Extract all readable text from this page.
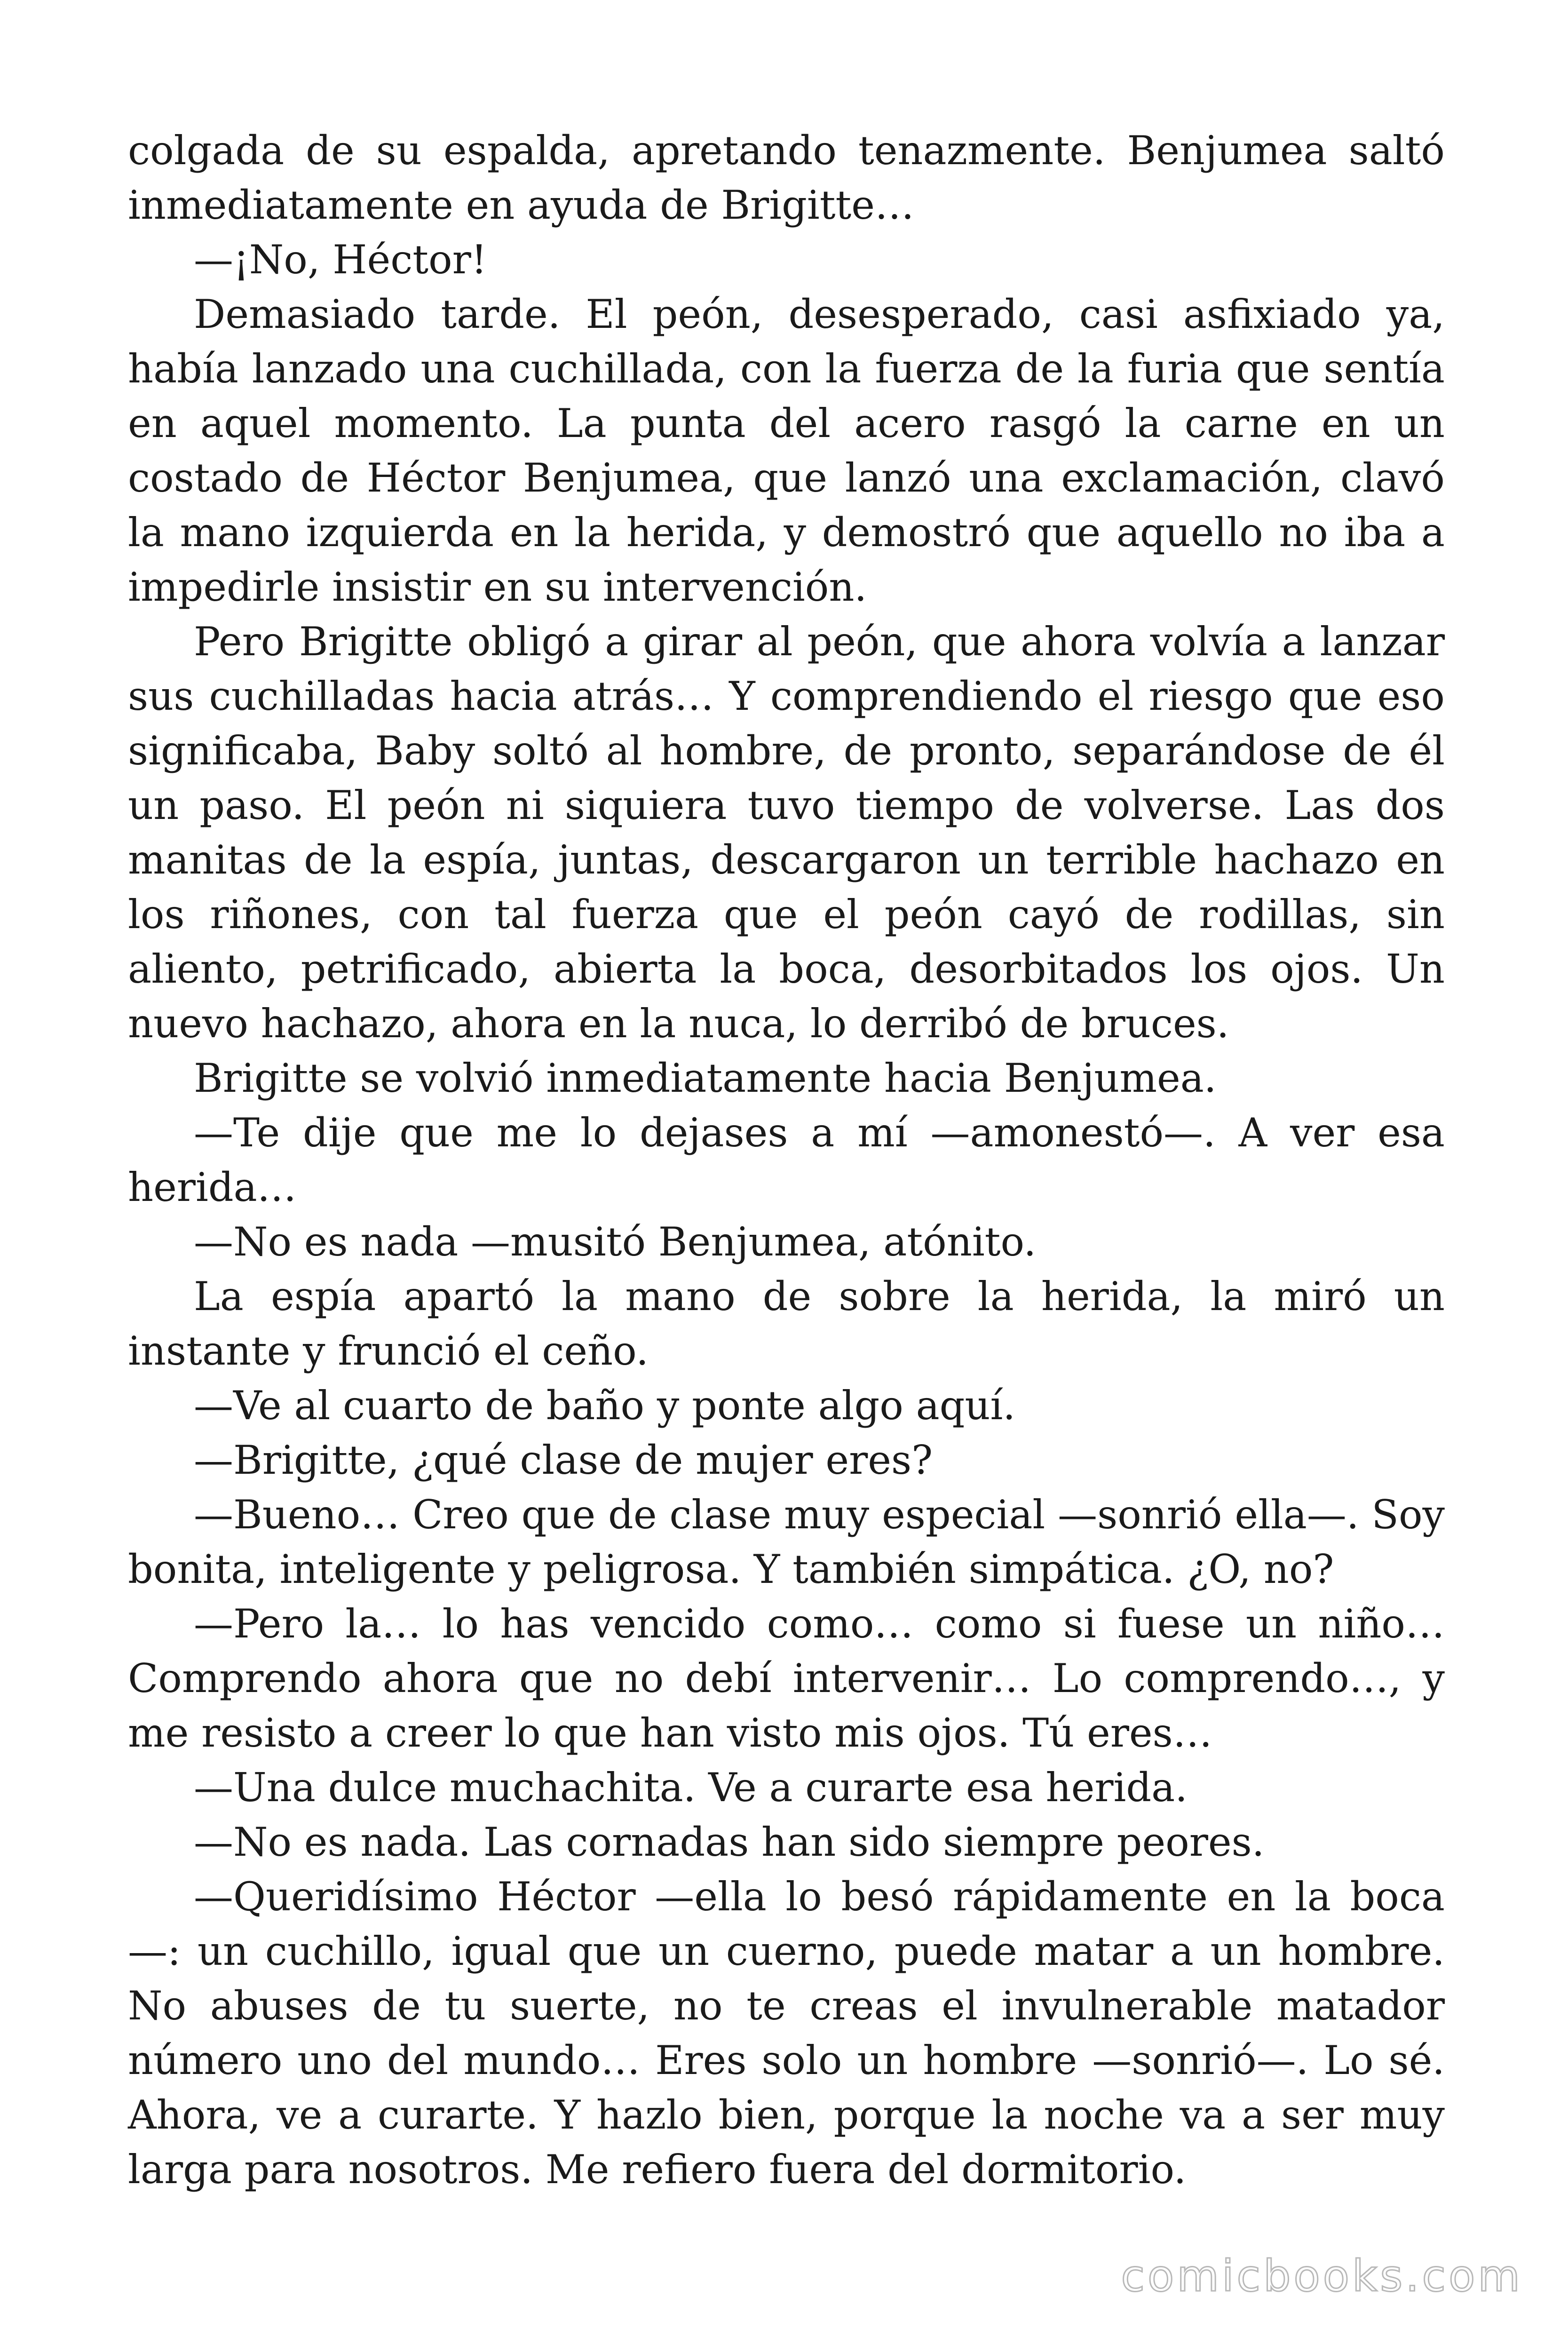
colgada de su espalda, apretando tenazmente. Benjumea saltó inmediatamente en ayuda de Brigitte…

—¡No, Héctor!

Demasiado tarde. El peón, desesperado, casi asfixiado ya, había lanzado una cuchillada, con la fuerza de la furia que sentía en aquel momento. La punta del acero rasgó la carne en un costado de Héctor Benjumea, que lanzó una exclamación, clavó la mano izquierda en la herida, y demostró que aquello no iba a impedirle insistir en su intervención.

Pero Brigitte obligó a girar al peón, que ahora volvía a lanzar sus cuchilladas hacia atrás… Y comprendiendo el riesgo que eso significaba, Baby soltó al hombre, de pronto, separándose de él un paso. El peón ni siquiera tuvo tiempo de volverse. Las dos manitas de la espía, juntas, descargaron un terrible hachazo en los riñones, con tal fuerza que el peón cayó de rodillas, sin aliento, petrificado, abierta la boca, desorbitados los ojos. Un nuevo hachazo, ahora en la nuca, lo derribó de bruces.

Brigitte se volvió inmediatamente hacia Benjumea.

—Te dije que me lo dejases a mí —amonestó—. A ver esa herida…

—No es nada —musitó Benjumea, atónito.

La espía apartó la mano de sobre la herida, la miró un instante y frunció el ceño.

—Ve al cuarto de baño y ponte algo aquí.

—Brigitte, ¿qué clase de mujer eres?

—Bueno… Creo que de clase muy especial —sonrió ella—. Soy bonita, inteligente y peligrosa. Y también simpática. ¿O, no?

—Pero la… lo has vencido como… como si fuese un niño… Comprendo ahora que no debí intervenir… Lo comprendo…, y me resisto a creer lo que han visto mis ojos. Tú eres…

—Una dulce muchachita. Ve a curarte esa herida.

—No es nada. Las cornadas han sido siempre peores.

—Queridísimo Héctor —ella lo besó rápidamente en la boca—: un cuchillo, igual que un cuerno, puede matar a un hombre. No abuses de tu suerte, no te creas el invulnerable matador número uno del mundo… Eres solo un hombre —sonrió—. Lo sé. Ahora, ve a curarte. Y hazlo bien, porque la noche va a ser muy larga para nosotros. Me refiero fuera del dormitorio.

comicbooks.com
